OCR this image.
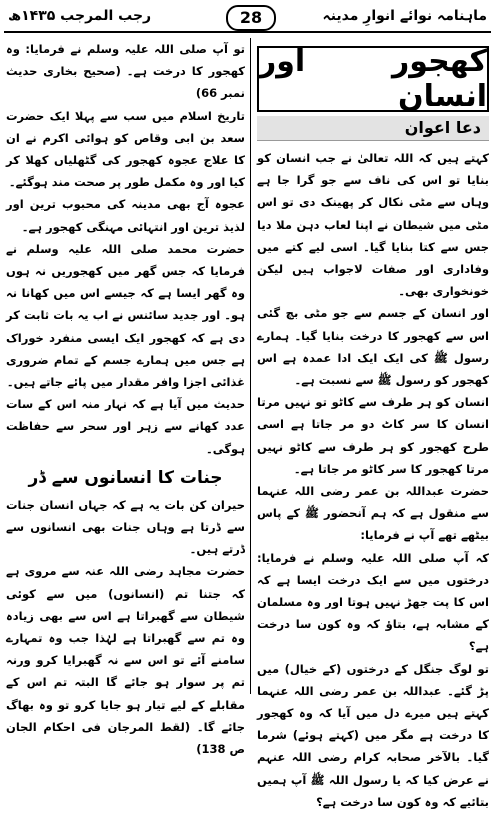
رجب المرجب ۱۴۳۵ھ	28	ماہنامہ نوائے انوارِ مدینہ
کھجور اور انسان
دعا اعوان

کہتے ہیں کہ اللہ تعالیٰ نے جب انسان کو بنایا تو اس کی ناف سے جو گرا جا ہے وہاں سے مٹی نکال کر پھینک دی تو اس مٹی میں شیطان نے اپنا لعاب دہن ملا دیا جس سے کتا بنایا گیا۔ اسی لیے کتے میں وفاداری اور صفات لاجواب ہیں لیکن خونخواری بھی۔

اور انسان کے جسم سے جو مٹی بچ گئی اس سے کھجور کا درخت بنایا گیا۔ ہمارے رسول ﷺ کی ایک ایک ادا عمدہ ہے اس کھجور کو رسول ﷺ سے نسبت ہے۔

انسان کو ہر طرف سے کاٹو تو نہیں مرتا انسان کا سر کاٹ دو مر جاتا ہے اسی طرح کھجور کو ہر طرف سے کاٹو نہیں مرتا کھجور کا سر کاٹو مر جاتا ہے۔

حضرت عبداللہ بن عمر رضی اللہ عنہما سے منقول ہے کہ ہم آنحضور ﷺ کے پاس بیٹھے تھے آپ نے فرمایا:

کہ آپ صلی اللہ علیہ وسلم نے فرمایا: درختوں میں سے ایک درخت ایسا ہے کہ اس کا پت جھڑ نہیں ہوتا اور وہ مسلمان کے مشابہ ہے، بتاؤ کہ وہ کون سا درخت ہے؟

تو لوگ جنگل کے درختوں (کے خیال) میں پڑ گئے۔ عبداللہ بن عمر رضی اللہ عنہما کہتے ہیں میرے دل میں آیا کہ وہ کھجور کا درخت ہے مگر میں (کہتے ہوئے) شرما گیا۔ بالآخر صحابہ کرام رضی اللہ عنہم نے عرض کیا کہ یا رسول اللہ ﷺ آپ ہمیں بتائیے کہ وہ کون سا درخت ہے؟

تو آپ صلی اللہ علیہ وسلم نے فرمایا: وہ کھجور کا درخت ہے۔ (صحیح بخاری حدیث نمبر 66)

تاریخ اسلام میں سب سے پہلا ایک حضرت سعد بن ابی وقاص کو ہوائی اکرم نے ان کا علاج عجوہ کھجور کی گٹھلیاں کھلا کر کیا اور وہ مکمل طور پر صحت مند ہوگئے۔

عجوہ آج بھی مدینہ کی محبوب ترین اور لذیذ ترین اور انتہائی مہنگی کھجور ہے۔

حضرت محمد صلی اللہ علیہ وسلم نے فرمایا کہ جس گھر میں کھجوریں نہ ہوں وہ گھر ایسا ہے کہ جیسے اس میں کھانا نہ ہو۔ اور جدید سائنس نے اب یہ بات ثابت کر دی ہے کہ کھجور ایک ایسی منفرد خوراک ہے جس میں ہمارے جسم کے تمام ضروری غذائی اجزا وافر مقدار میں پائے جاتے ہیں۔

حدیث میں آیا ہے کہ نہار منہ اس کے سات عدد کھانے سے زہر اور سحر سے حفاظت ہوگی۔

جنات کا انسانوں سے ڈر

حیران کن بات یہ ہے کہ جہاں انسان جنات سے ڈرتا ہے وہاں جنات بھی انسانوں سے ڈرتے ہیں۔

حضرت مجاہد رضی اللہ عنہ سے مروی ہے کہ جتنا تم (انسانوں) میں سے کوئی شیطان سے گھبراتا ہے اس سے بھی زیادہ وہ تم سے گھبراتا ہے لہٰذا جب وہ تمہارے سامنے آئے تو اس سے نہ گھبرایا کرو ورنہ تم پر سوار ہو جائے گا البتہ تم اس کے مقابلے کے لیے تیار ہو جایا کرو تو وہ بھاگ جائے گا۔ (لقط المرجان فی احکام الجان ص 138)
